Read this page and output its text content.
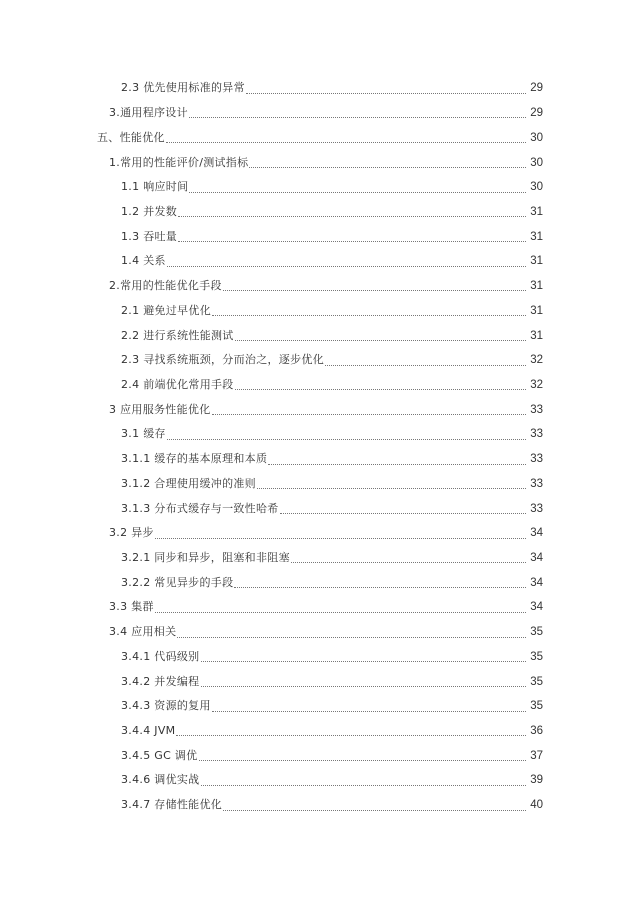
2.3 优先使用标准的异常	29
3.通用程序设计	29
五、性能优化	30
1.常用的性能评价/测试指标	30
1.1 响应时间	30
1.2 并发数	31
1.3 吞吐量	31
1.4 关系	31
2.常用的性能优化手段	31
2.1 避免过早优化	31
2.2 进行系统性能测试	31
2.3 寻找系统瓶颈，分而治之，逐步优化	32
2.4 前端优化常用手段	32
3 应用服务性能优化	33
3.1 缓存	33
3.1.1 缓存的基本原理和本质	33
3.1.2 合理使用缓冲的准则	33
3.1.3 分布式缓存与一致性哈希	33
3.2 异步	34
3.2.1 同步和异步，阻塞和非阻塞	34
3.2.2 常见异步的手段	34
3.3 集群	34
3.4 应用相关	35
3.4.1 代码级别	35
3.4.2 并发编程	35
3.4.3 资源的复用	35
3.4.4 JVM	36
3.4.5 GC 调优	37
3.4.6 调优实战	39
3.4.7 存储性能优化	40
